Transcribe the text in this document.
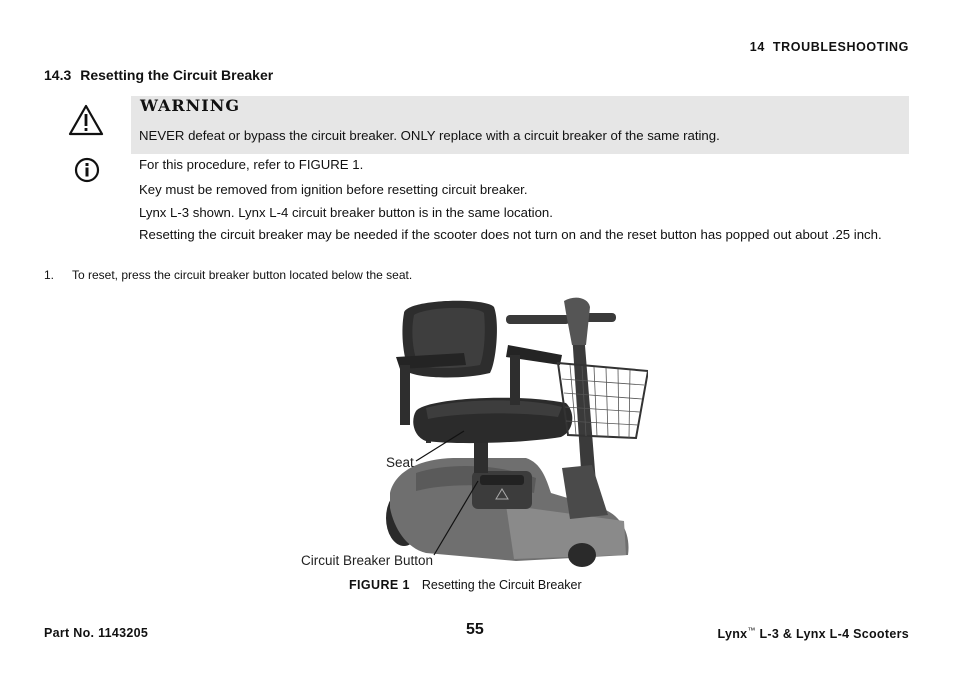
14 TROUBLESHOOTING
14.3 Resetting the Circuit Breaker
WARNING
NEVER defeat or bypass the circuit breaker. ONLY replace with a circuit breaker of the same rating.
For this procedure, refer to FIGURE 1.
Key must be removed from ignition before resetting circuit breaker.
Lynx L-3 shown. Lynx L-4 circuit breaker button is in the same location.
Resetting the circuit breaker may be needed if the scooter does not turn on and the reset button has popped out about .25 inch.
1. To reset, press the circuit breaker button located below the seat.
Seat
Circuit Breaker Button
FIGURE 1 Resetting the Circuit Breaker
Part No. 1143205	55	Lynx™ L-3 & Lynx L-4 Scooters
